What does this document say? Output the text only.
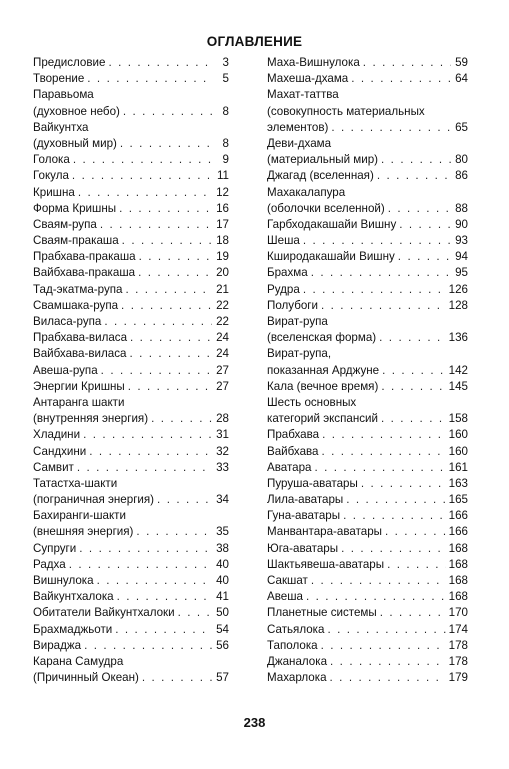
ОГЛАВЛЕНИЕ
Предисловие . . .	3
Творение . . .	5
Паравьома
(духовное небо) . . .	8
Вайкунтха
(духовный мир) . . .	8
Голока . . .	9
Гокула . . .	11
Кришна . . .	12
Форма Кришны . . .	16
Сваям-рупа . . .	17
Сваям-пракаша . . .	18
Прабхава-пракаша . . .	19
Вайбхава-пракаша . . .	20
Тад-экатма-рупа . . .	21
Свамшака-рупа . . .	22
Виласа-рупа . . .	22
Прабхава-виласа . . .	24
Вайбхава-виласа . . .	24
Авеша-рупа . . .	27
Энергии Кришны . . .	27
Антаранга шакти
(внутренняя энергия) . . .	28
Хладини . . .	31
Сандхини . . .	32
Самвит . . .	33
Татастха-шакти
(пограничная энергия) . . .	34
Бахиранги-шакти
(внешняя энергия) . . .	35
Супруги . . .	38
Радха . . .	40
Вишнулока . . .	40
Вайкунтхалока . . .	41
Обитатели Вайкунтхалоки . . .	50
Брахмаджьоти . . .	54
Вираджа . . .	56
Карана Самудра
(Причинный Океан) . . .	57
Маха-Вишнулока . . .	59
Махеша-дхама . . .	64
Махат-таттва
(совокупность материальных
элементов) . . .	65
Деви-дхама
(материальный мир) . . .	80
Джагад (вселенная) . . .	86
Махакалапура
(оболочки вселенной) . . .	88
Гарбходакашайи Вишну . . .	90
Шеша . . .	93
Кширодакашайи Вишну . . .	94
Брахма . . .	95
Рудра . . .	126
Полубоги . . .	128
Вират-рупа
(вселенская форма) . . .	136
Вират-рупа,
показанная Арджуне . . .	142
Кала (вечное время) . . .	145
Шесть основных
категорий экспансий . . .	158
Прабхава . . .	160
Вайбхава . . .	160
Аватара . . .	161
Пуруша-аватары . . .	163
Лила-аватары . . .	165
Гуна-аватары . . .	166
Манвантара-аватары . . .	166
Юга-аватары . . .	168
Шактьявеша-аватары . . .	168
Сакшат . . .	168
Авеша . . .	168
Планетные системы . . .	170
Сатьялока . . .	174
Таполока . . .	178
Джаналока . . .	178
Махарлока . . .	179
238
